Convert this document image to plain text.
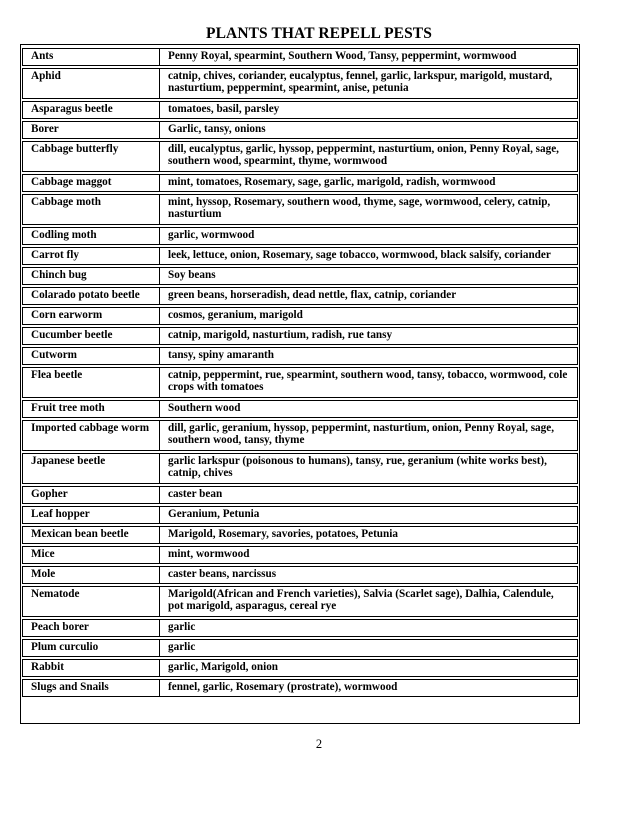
PLANTS THAT REPELL PESTS
Ants	Penny Royal, spearmint, Southern Wood, Tansy, peppermint, wormwood
Aphid	catnip, chives, coriander, eucalyptus, fennel, garlic, larkspur, marigold, mustard, nasturtium, peppermint, spearmint, anise, petunia
Asparagus beetle	tomatoes, basil, parsley
Borer	Garlic, tansy, onions
Cabbage butterfly	dill, eucalyptus, garlic, hyssop, peppermint, nasturtium, onion, Penny Royal, sage, southern wood, spearmint, thyme, wormwood
Cabbage maggot	mint, tomatoes, Rosemary, sage, garlic, marigold, radish, wormwood
Cabbage moth	mint, hyssop, Rosemary, southern wood, thyme, sage, wormwood, celery, catnip, nasturtium
Codling moth	garlic, wormwood
Carrot fly	leek, lettuce, onion, Rosemary, sage tobacco, wormwood, black salsify, coriander
Chinch bug	Soy beans
Colarado potato beetle	green beans, horseradish, dead nettle, flax, catnip, coriander
Corn earworm	cosmos, geranium, marigold
Cucumber beetle	catnip, marigold, nasturtium, radish, rue tansy
Cutworm	tansy, spiny amaranth
Flea beetle	catnip, peppermint, rue, spearmint, southern wood, tansy, tobacco, wormwood, cole crops with tomatoes
Fruit tree moth	Southern wood
Imported cabbage worm	dill, garlic, geranium, hyssop, peppermint, nasturtium, onion, Penny Royal, sage, southern wood, tansy, thyme
Japanese beetle	garlic larkspur (poisonous to humans), tansy, rue, geranium (white works best), catnip, chives
Gopher	caster bean
Leaf hopper	Geranium, Petunia
Mexican bean beetle	Marigold, Rosemary, savories, potatoes, Petunia
Mice	mint, wormwood
Mole	caster beans, narcissus
Nematode	Marigold(African and French varieties), Salvia (Scarlet sage), Dalhia, Calendule, pot marigold, asparagus, cereal rye
Peach borer	garlic
Plum curculio	garlic
Rabbit	garlic, Marigold, onion
Slugs and Snails	fennel, garlic, Rosemary (prostrate), wormwood
2
